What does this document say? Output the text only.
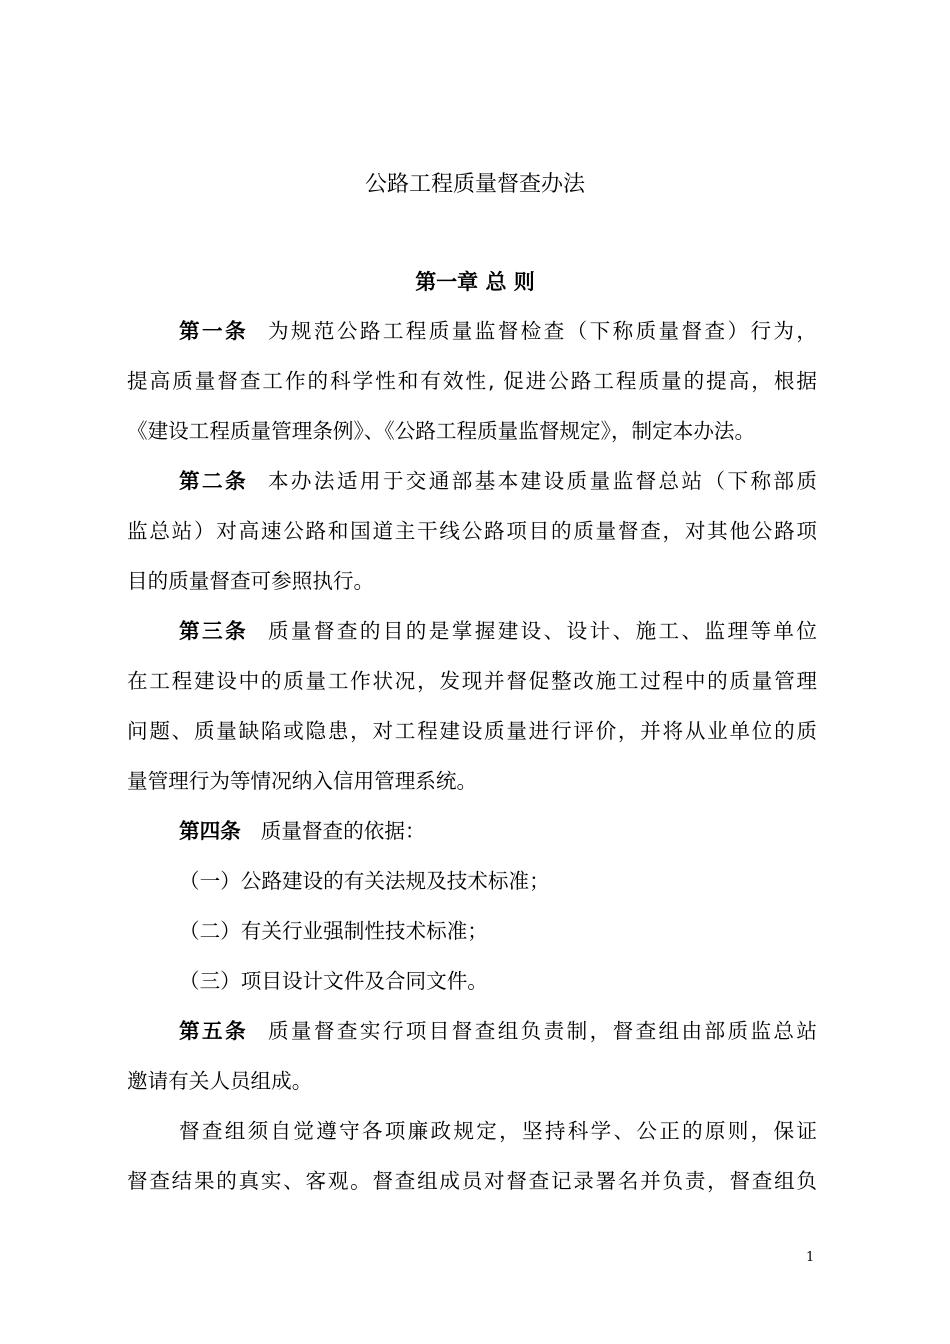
公路工程质量督查办法
第一章 总 则
第一条 为规范公路工程质量监督检查（下称质量督查）行为，
提高质量督查工作的科学性和有效性, 促进公路工程质量的提高，根据
《建设工程质量管理条例》、《公路工程质量监督规定》，制定本办法。
第二条 本办法适用于交通部基本建设质量监督总站（下称部质
监总站）对高速公路和国道主干线公路项目的质量督查，对其他公路项
目的质量督查可参照执行。
第三条 质量督查的目的是掌握建设、设计、施工、监理等单位
在工程建设中的质量工作状况，发现并督促整改施工过程中的质量管理
问题、质量缺陷或隐患，对工程建设质量进行评价，并将从业单位的质
量管理行为等情况纳入信用管理系统。
第四条 质量督查的依据：
（一）公路建设的有关法规及技术标准；
（二）有关行业强制性技术标准；
（三）项目设计文件及合同文件。
第五条 质量督查实行项目督查组负责制，督查组由部质监总站
邀请有关人员组成。
督查组须自觉遵守各项廉政规定，坚持科学、公正的原则，保证
督查结果的真实、客观。督查组成员对督查记录署名并负责，督查组负
1
